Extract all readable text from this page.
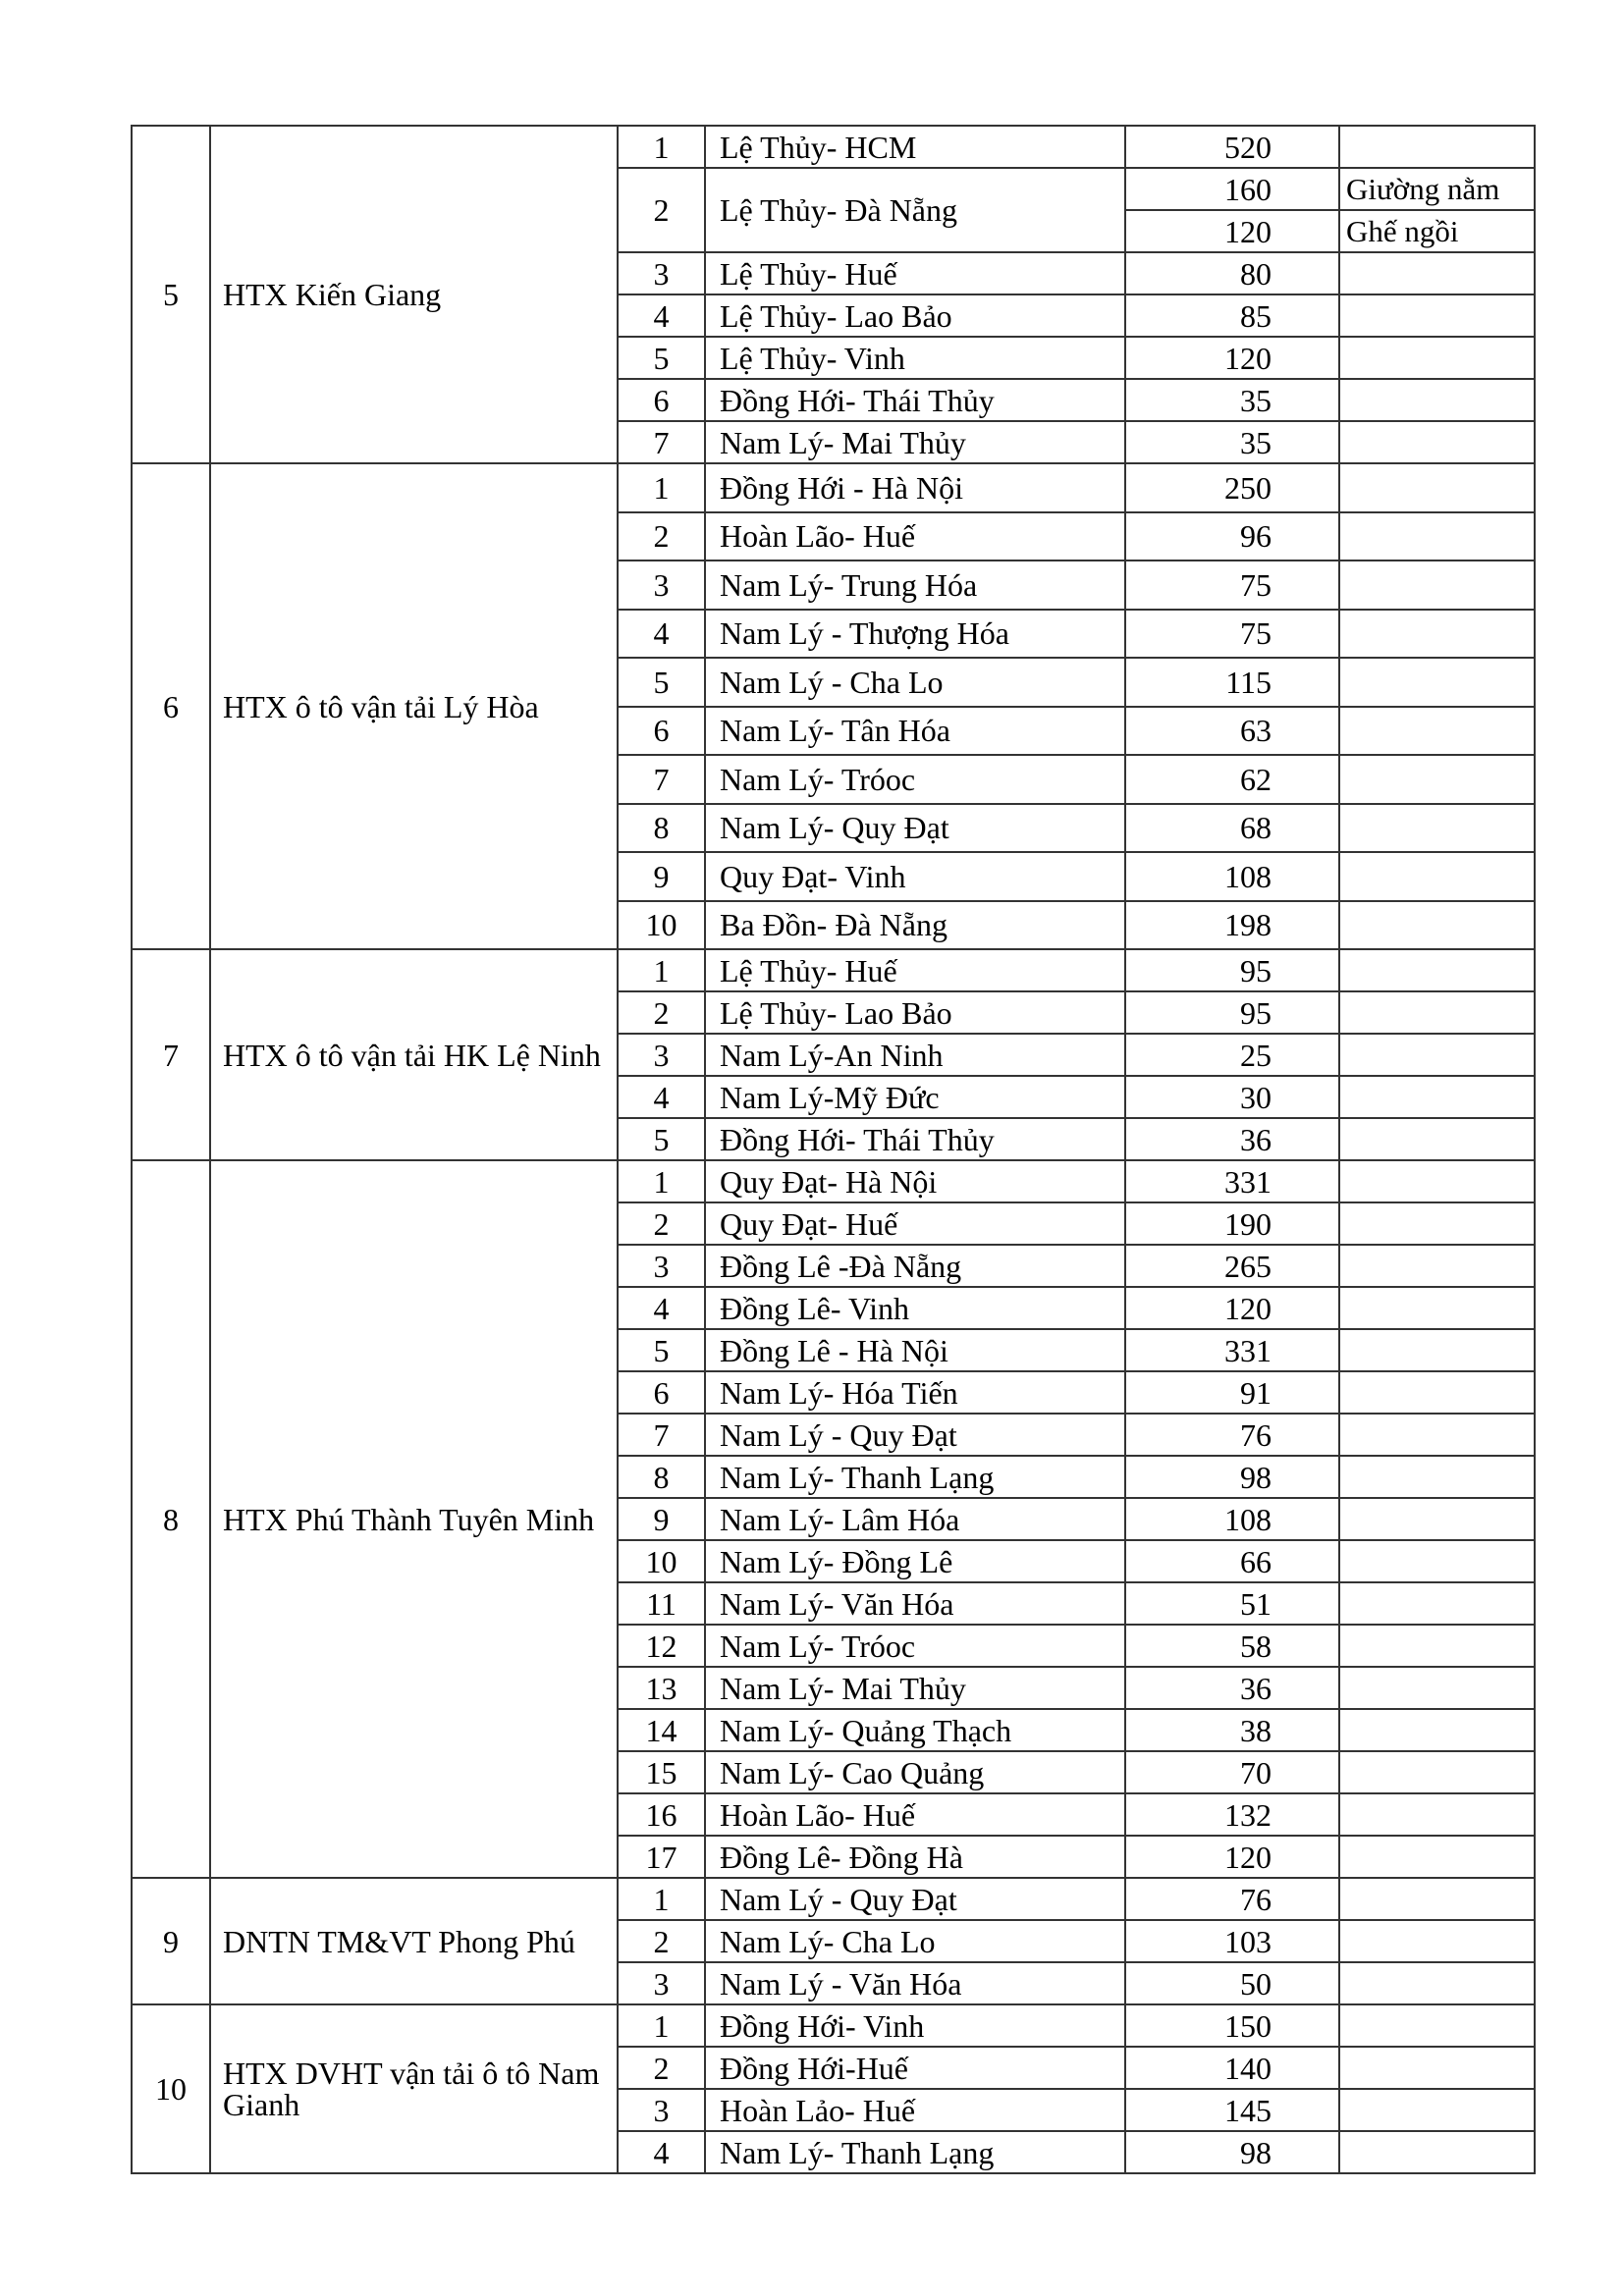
5	HTX Kiến Giang	1	Lệ Thủy- HCM	520	
		2	Lệ Thủy- Đà Nẵng	160	Giường nằm
				120	Ghế ngồi
		3	Lệ Thủy- Huế	80	
		4	Lệ Thủy- Lao Bảo	85	
		5	Lệ Thủy- Vinh	120	
		6	Đồng Hới- Thái Thủy	35	
		7	Nam Lý- Mai Thủy	35	
6	HTX ô tô vận tải Lý Hòa	1	Đồng Hới - Hà Nội	250	
		2	Hoàn Lão- Huế	96	
		3	Nam Lý- Trung Hóa	75	
		4	Nam Lý - Thượng Hóa	75	
		5	Nam Lý - Cha Lo	115	
		6	Nam Lý- Tân Hóa	63	
		7	Nam Lý- Tróoc	62	
		8	Nam Lý- Quy Đạt	68	
		9	Quy Đạt- Vinh	108	
		10	Ba Đồn- Đà Nẵng	198	
7	HTX ô tô vận tải HK Lệ Ninh	1	Lệ Thủy- Huế	95	
		2	Lệ Thủy- Lao Bảo	95	
		3	Nam Lý-An Ninh	25	
		4	Nam Lý-Mỹ Đức	30	
		5	Đồng Hới- Thái Thủy	36	
8	HTX Phú Thành Tuyên Minh	1	Quy Đạt- Hà Nội	331	
		2	Quy Đạt- Huế	190	
		3	Đồng Lê -Đà Nẵng	265	
		4	Đồng Lê- Vinh	120	
		5	Đồng Lê - Hà Nội	331	
		6	Nam Lý- Hóa Tiến	91	
		7	Nam Lý - Quy Đạt	76	
		8	Nam Lý- Thanh Lạng	98	
		9	Nam Lý- Lâm Hóa	108	
		10	Nam Lý- Đồng Lê	66	
		11	Nam Lý- Văn Hóa	51	
		12	Nam Lý- Tróoc	58	
		13	Nam Lý- Mai Thủy	36	
		14	Nam Lý- Quảng Thạch	38	
		15	Nam Lý- Cao Quảng	70	
		16	Hoàn Lão- Huế	132	
		17	Đồng Lê- Đồng Hà	120	
9	DNTN TM&VT Phong Phú	1	Nam Lý - Quy Đạt	76	
		2	Nam Lý- Cha Lo	103	
		3	Nam Lý - Văn Hóa	50	
10	HTX DVHT vận tải ô tô Nam Gianh	1	Đồng Hới- Vinh	150	
		2	Đồng Hới-Huế	140	
		3	Hoàn Lảo- Huế	145	
		4	Nam Lý- Thanh Lạng	98	
